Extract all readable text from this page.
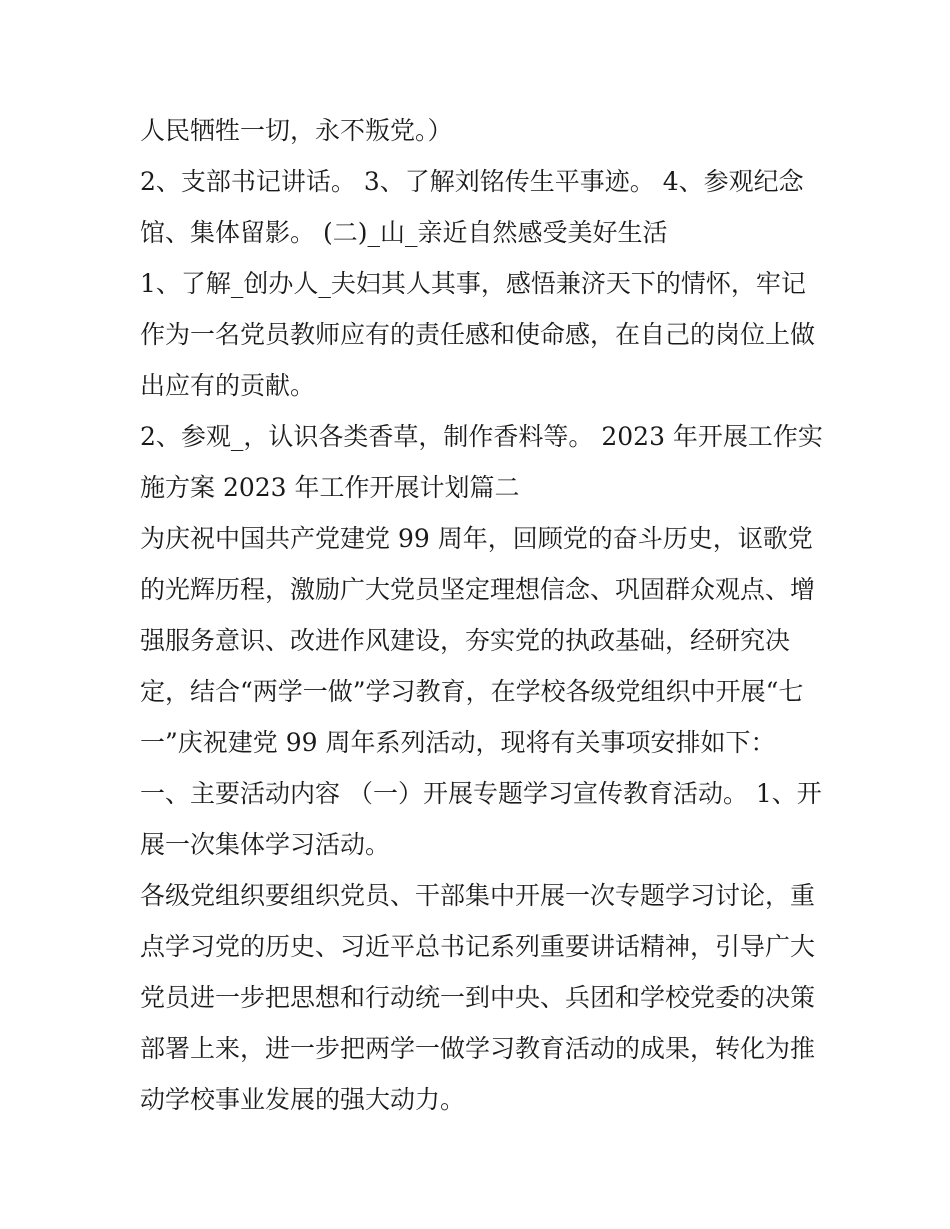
人民牺牲一切，永不叛党。）
2、支部书记讲话。 3、了解刘铭传生平事迹。 4、参观纪念
馆、集体留影。 (二)_山_亲近自然感受美好生活
1、了解_创办人_夫妇其人其事，感悟兼济天下的情怀，牢记
作为一名党员教师应有的责任感和使命感，在自己的岗位上做
出应有的贡献。
2、参观_，认识各类香草，制作香料等。 2023 年开展工作实
施方案 2023 年工作开展计划篇二
为庆祝中国共产党建党 99 周年，回顾党的奋斗历史，讴歌党
的光辉历程，激励广大党员坚定理想信念、巩固群众观点、增
强服务意识、改进作风建设，夯实党的执政基础，经研究决
定，结合“两学一做”学习教育，在学校各级党组织中开展“七
一”庆祝建党 99 周年系列活动，现将有关事项安排如下：
一、主要活动内容 （一）开展专题学习宣传教育活动。 1、开
展一次集体学习活动。
各级党组织要组织党员、干部集中开展一次专题学习讨论，重
点学习党的历史、习近平总书记系列重要讲话精神，引导广大
党员进一步把思想和行动统一到中央、兵团和学校党委的决策
部署上来，进一步把两学一做学习教育活动的成果，转化为推
动学校事业发展的强大动力。
